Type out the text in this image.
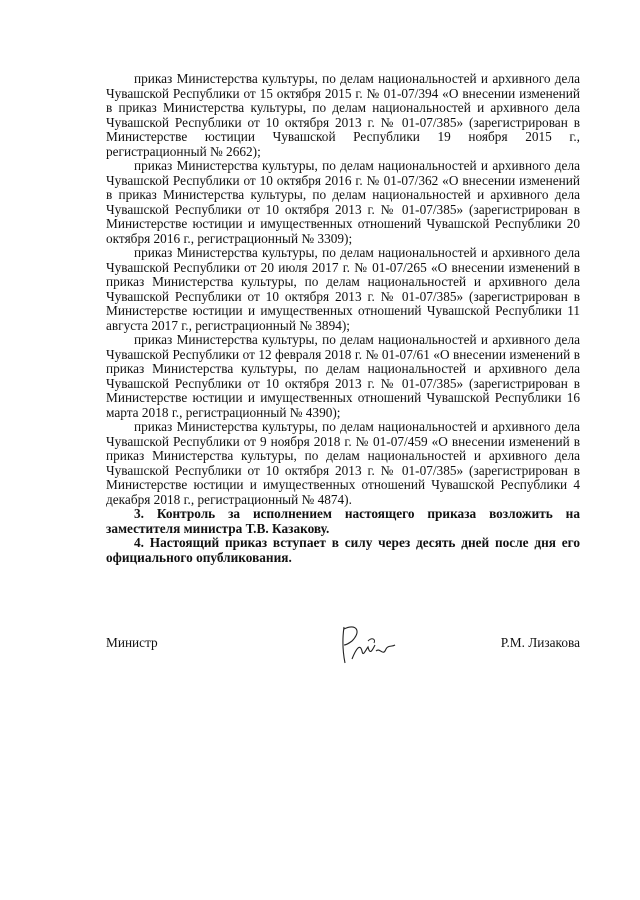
приказ Министерства культуры, по делам национальностей и архивного дела Чувашской Республики от 15 октября 2015 г. № 01-07/394 «О внесении изменений в приказ Министерства культуры, по делам национальностей и архивного дела Чувашской Республики от 10 октября 2013 г. № 01-07/385» (зарегистрирован в Министерстве юстиции Чувашской Республики 19 ноября 2015 г., регистрационный № 2662);

приказ Министерства культуры, по делам национальностей и архивного дела Чувашской Республики от 10 октября 2016 г. № 01-07/362 «О внесении изменений в приказ Министерства культуры, по делам национальностей и архивного дела Чувашской Республики от 10 октября 2013 г. № 01-07/385» (зарегистрирован в Министерстве юстиции и имущественных отношений Чувашской Республики 20 октября 2016 г., регистрационный № 3309);

приказ Министерства культуры, по делам национальностей и архивного дела Чувашской Республики от 20 июля 2017 г. № 01-07/265 «О внесении изменений в приказ Министерства культуры, по делам национальностей и архивного дела Чувашской Республики от 10 октября 2013 г. № 01-07/385» (зарегистрирован в Министерстве юстиции и имущественных отношений Чувашской Республики 11 августа 2017 г., регистрационный № 3894);

приказ Министерства культуры, по делам национальностей и архивного дела Чувашской Республики от 12 февраля 2018 г. № 01-07/61 «О внесении изменений в приказ Министерства культуры, по делам национальностей и архивного дела Чувашской Республики от 10 октября 2013 г. № 01-07/385» (зарегистрирован в Министерстве юстиции и имущественных отношений Чувашской Республики 16 марта 2018 г., регистрационный № 4390);

приказ Министерства культуры, по делам национальностей и архивного дела Чувашской Республики от 9 ноября 2018 г. № 01-07/459 «О внесении изменений в приказ Министерства культуры, по делам национальностей и архивного дела Чувашской Республики от 10 октября 2013 г. № 01-07/385» (зарегистрирован в Министерстве юстиции и имущественных отношений Чувашской Республики 4 декабря 2018 г., регистрационный № 4874).

3. Контроль за исполнением настоящего приказа возложить на заместителя министра Т.В. Казакову.

4. Настоящий приказ вступает в силу через десять дней после дня его официального опубликования.

Министр	Р.М. Лизакова
